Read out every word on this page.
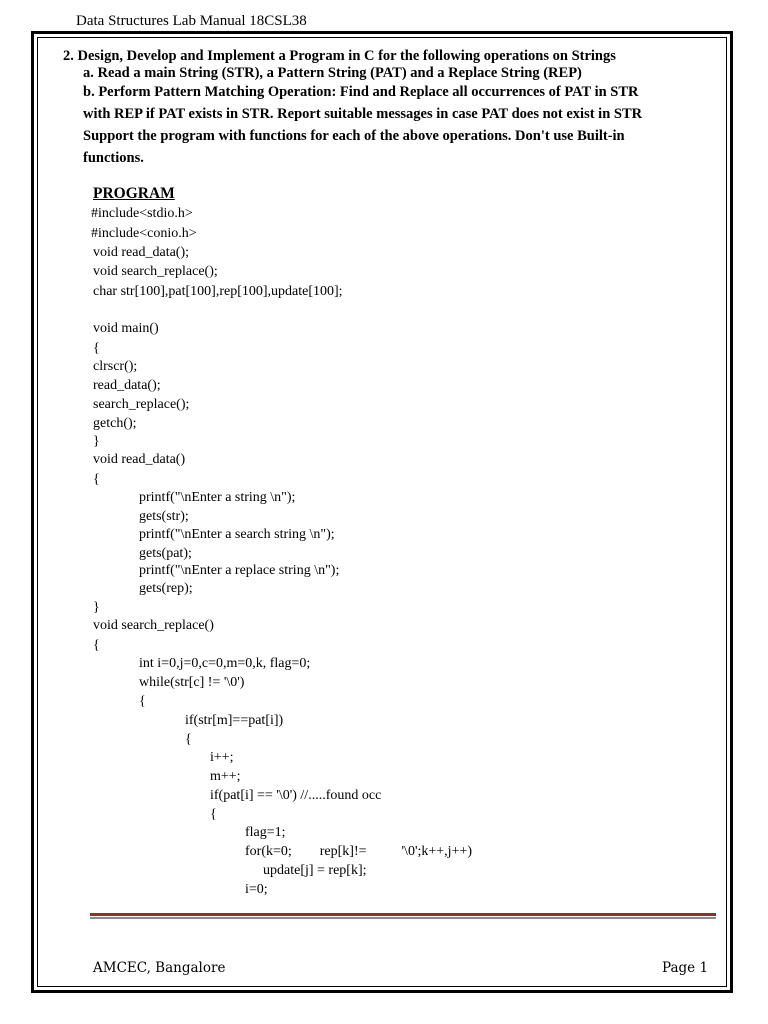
Data Structures Lab Manual 18CSL38
2. Design, Develop and Implement a Program in C for the following operations on Strings
a. Read a main String (STR), a Pattern String (PAT) and a Replace String (REP)
b. Perform Pattern Matching Operation: Find and Replace all occurrences of PAT in STR
with REP if PAT exists in STR. Report suitable messages in case PAT does not exist in STR
Support the program with functions for each of the above operations. Don't use Built-in
functions.
PROGRAM
#include<stdio.h>
#include<conio.h>
void read_data();
void search_replace();
char str[100],pat[100],rep[100],update[100];
void main()
{
clrscr();
read_data();
search_replace();
getch();
}
void read_data()
{
printf("\nEnter a string \n");
gets(str);
printf("\nEnter a search string \n");
gets(pat);
printf("\nEnter a replace string \n");
gets(rep);
}
void search_replace()
{
int i=0,j=0,c=0,m=0,k, flag=0;
while(str[c] != '\0')
{
if(str[m]==pat[i])
{
i++;
m++;
if(pat[i] == '\0') //.....found occ
{
flag=1;
for(k=0;        rep[k]!=          '\0';k++,j++)
update[j] = rep[k];
i=0;
AMCEC, Bangalore	Page 1
